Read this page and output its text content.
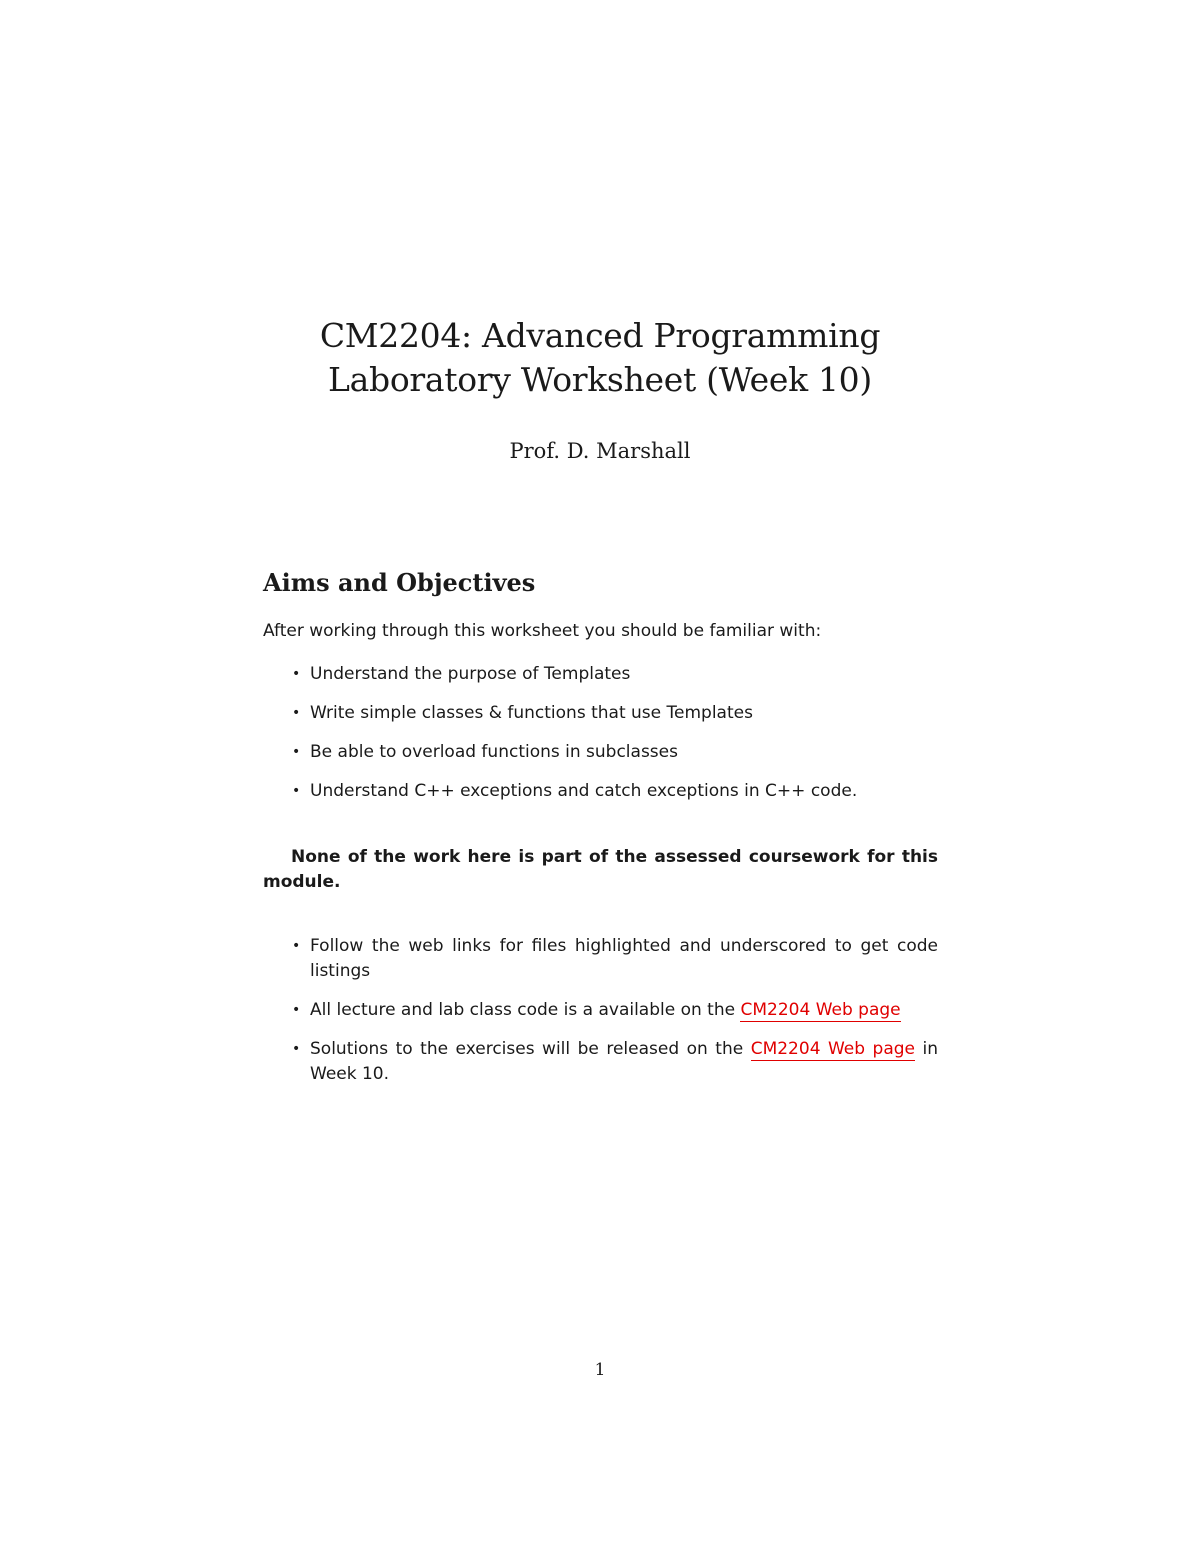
CM2204: Advanced Programming
Laboratory Worksheet (Week 10)
Prof. D. Marshall
Aims and Objectives
After working through this worksheet you should be familiar with:
• Understand the purpose of Templates
• Write simple classes & functions that use Templates
• Be able to overload functions in subclasses
• Understand C++ exceptions and catch exceptions in C++ code.
None of the work here is part of the assessed coursework for this module.
• Follow the web links for files highlighted and underscored to get code listings
• All lecture and lab class code is a available on the CM2204 Web page
• Solutions to the exercises will be released on the CM2204 Web page in Week 10.
1
